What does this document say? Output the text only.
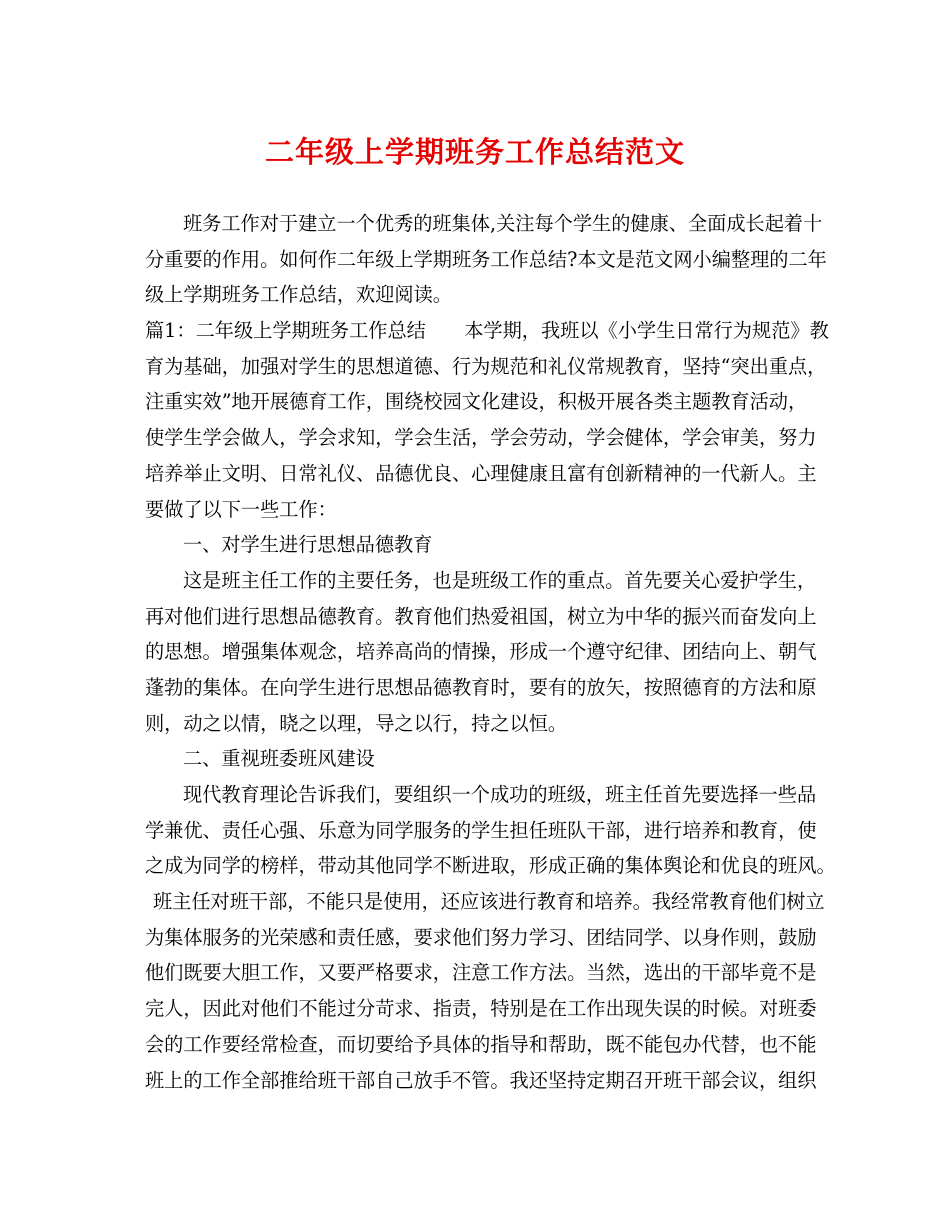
二年级上学期班务工作总结范文
班务工作对于建立一个优秀的班集体,关注每个学生的健康、全面成长起着十
分重要的作用。如何作二年级上学期班务工作总结?本文是范文网小编整理的二年
级上学期班务工作总结，欢迎阅读。
篇1：二年级上学期班务工作总结　　本学期，我班以《小学生日常行为规范》教
育为基础，加强对学生的思想道德、行为规范和礼仪常规教育，坚持“突出重点，
注重实效”地开展德育工作，围绕校园文化建设，积极开展各类主题教育活动，
使学生学会做人，学会求知，学会生活，学会劳动，学会健体，学会审美，努力
培养举止文明、日常礼仪、品德优良、心理健康且富有创新精神的一代新人。主
要做了以下一些工作：
一、对学生进行思想品德教育
这是班主任工作的主要任务，也是班级工作的重点。首先要关心爱护学生，
再对他们进行思想品德教育。教育他们热爱祖国，树立为中华的振兴而奋发向上
的思想。增强集体观念，培养高尚的情操，形成一个遵守纪律、团结向上、朝气
蓬勃的集体。在向学生进行思想品德教育时，要有的放矢，按照德育的方法和原
则，动之以情，晓之以理，导之以行，持之以恒。
二、重视班委班风建设
现代教育理论告诉我们，要组织一个成功的班级，班主任首先要选择一些品
学兼优、责任心强、乐意为同学服务的学生担任班队干部，进行培养和教育，使
之成为同学的榜样，带动其他同学不断进取，形成正确的集体舆论和优良的班风。
班主任对班干部，不能只是使用，还应该进行教育和培养。我经常教育他们树立
为集体服务的光荣感和责任感，要求他们努力学习、团结同学、以身作则，鼓励
他们既要大胆工作，又要严格要求，注意工作方法。当然，选出的干部毕竟不是
完人，因此对他们不能过分苛求、指责，特别是在工作出现失误的时候。对班委
会的工作要经常检查，而切要给予具体的指导和帮助，既不能包办代替，也不能
班上的工作全部推给班干部自己放手不管。我还坚持定期召开班干部会议，组织
